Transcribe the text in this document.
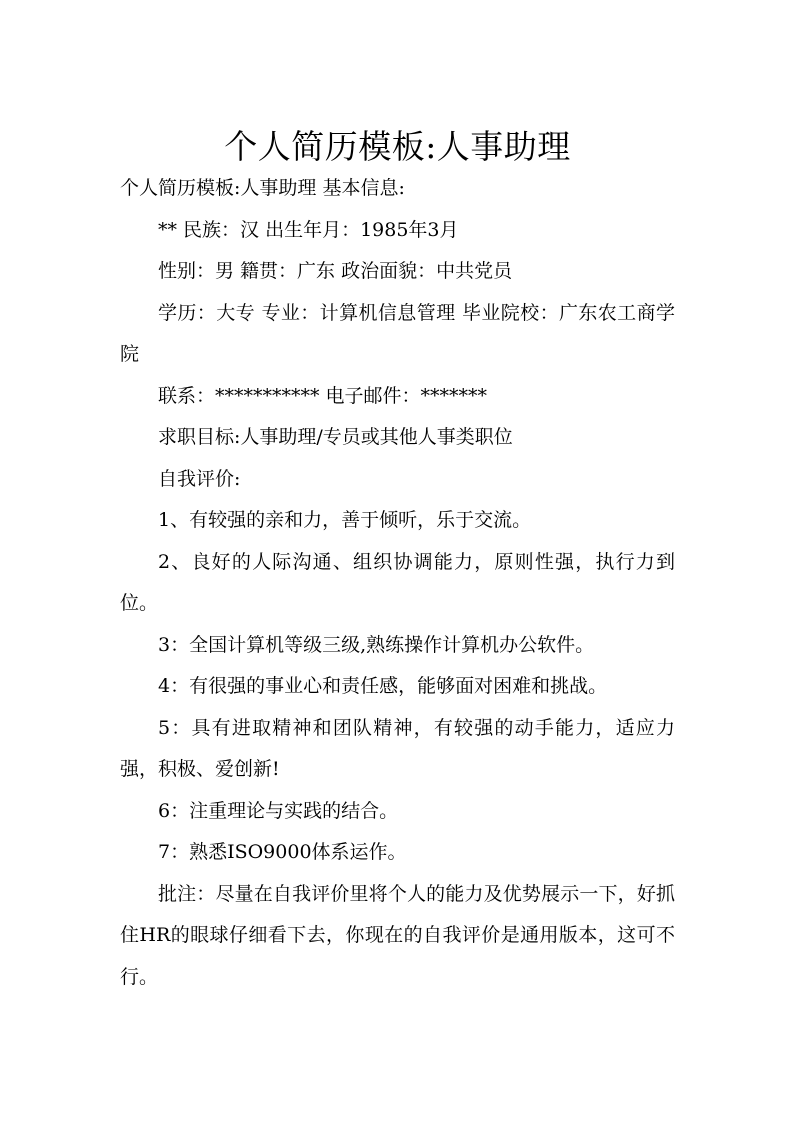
个人简历模板:人事助理

个人简历模板:人事助理 基本信息:

** 民族：汉 出生年月：1985年3月

性别：男 籍贯：广东 政治面貌：中共党员

学历：大专 专业：计算机信息管理 毕业院校：广东农工商学院

联系：*********** 电子邮件：*******

求职目标:人事助理/专员或其他人事类职位

自我评价:

1、有较强的亲和力，善于倾听，乐于交流。

2、良好的人际沟通、组织协调能力，原则性强，执行力到位。

3：全国计算机等级三级,熟练操作计算机办公软件。

4：有很强的事业心和责任感，能够面对困难和挑战。

5：具有进取精神和团队精神，有较强的动手能力，适应力强，积极、爱创新!

6：注重理论与实践的结合。

7：熟悉ISO9000体系运作。

批注：尽量在自我评价里将个人的能力及优势展示一下，好抓住HR的眼球仔细看下去，你现在的自我评价是通用版本，这可不行。
